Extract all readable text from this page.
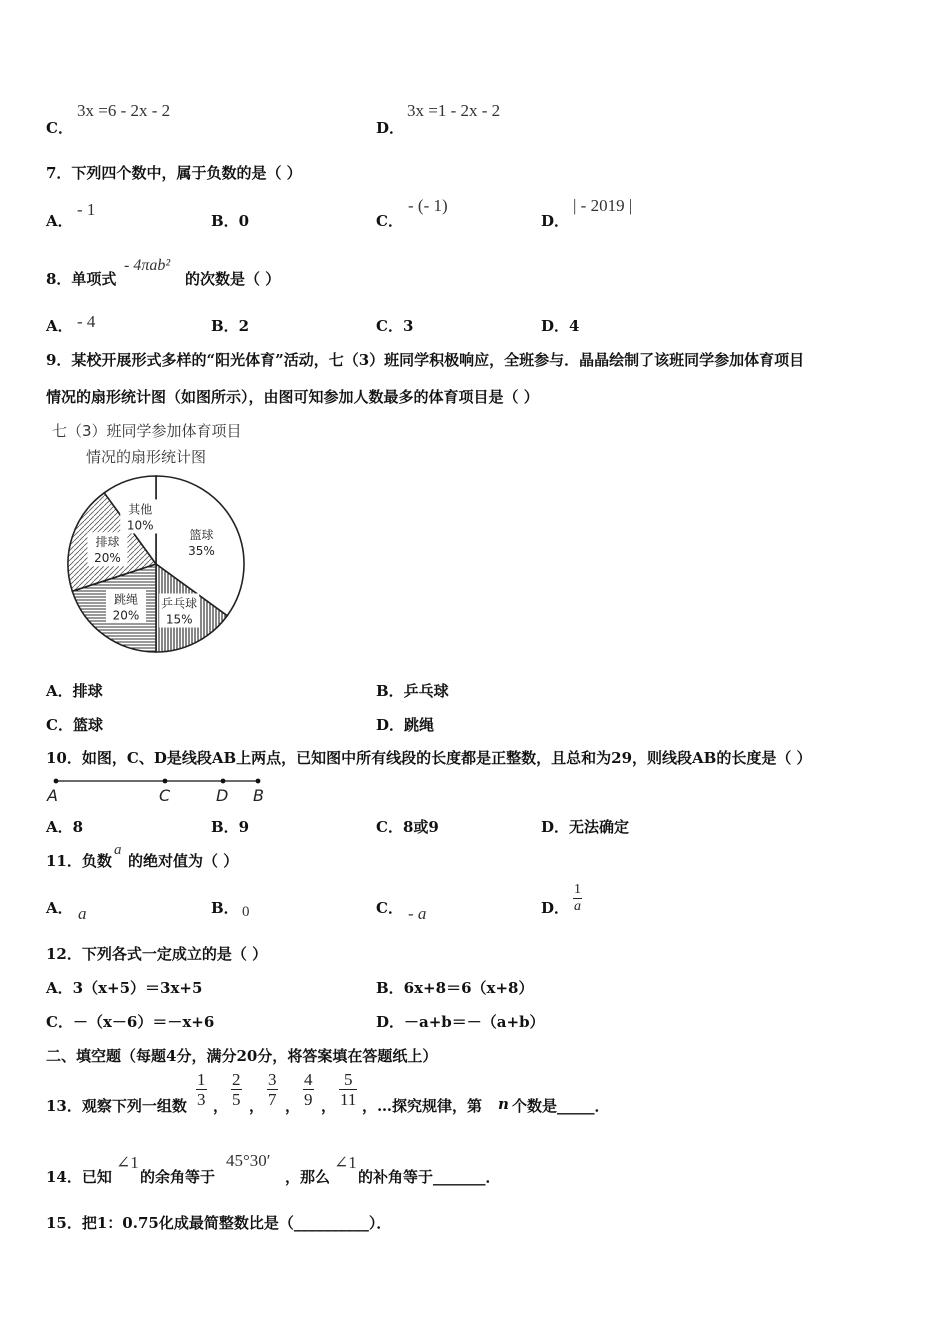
C．
3x =6 - 2x - 2
D．
3x =1 - 2x - 2
7．下列四个数中，属于负数的是（ ）
A．
- 1
B．0	C．
- (- 1)
D．
| - 2019 |
8．单项式
- 4πab²
的次数是（ ）
A． - 4	B．2	C．3	D．4
9．某校开展形式多样的“阳光体育”活动，七（3）班同学积极响应，全班参与．晶晶绘制了该班同学参加体育项目
情况的扇形统计图（如图所示），由图可知参加人数最多的体育项目是（ ）
七（3）班同学参加体育项目
情况的扇形统计图
篮球
35%
乒乓球
15%
跳绳
20%
排球
20%
其他
10%
A．排球	B．乒乓球
C．篮球	D．跳绳
10．如图，C、D是线段AB上两点，已知图中所有线段的长度都是正整数，且总和为29，则线段AB的长度是（ ）
A	C	D B
A．8	B．9	C．8或9	D．无法确定
11．负数
a
的绝对值为（ ）
A． a	B． 0	C． - a	D． $\frac{1}{a}$
12．下列各式一定成立的是（ ）
A．3（x+5）＝3x+5	B．6x+8＝6（x+8）
C．－（x－6）＝－x+6	D．－a+b＝－（a+b）
二、填空题（每题4分，满分20分，将答案填在答题纸上）
13．观察下列一组数 $\frac{1}{3}$ ， $\frac{2}{5}$ ， $\frac{3}{7}$ ， $\frac{4}{9}$ ， $\frac{5}{11}$ ，…探究规律，第 n 个数是_____．
14．已知
∠1
的余角等于
45°30′
，那么
∠1
的补角等于_______．
15．把1：0.75化成最简整数比是（__________）．
